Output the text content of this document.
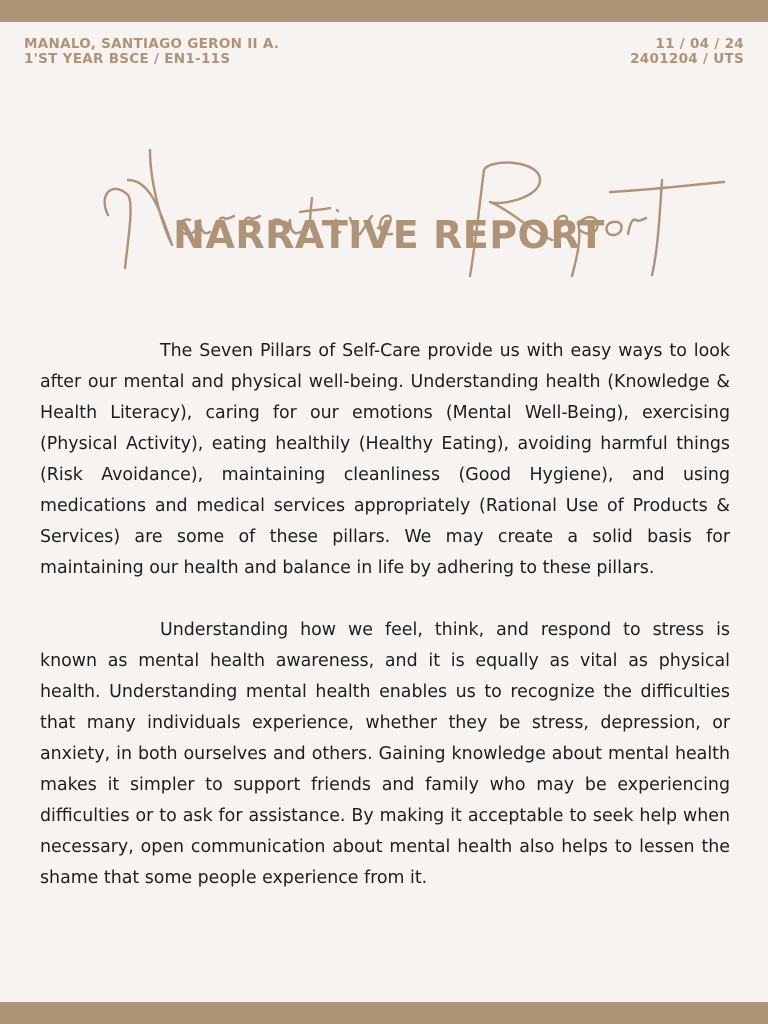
MANALO, SANTIAGO GERON II A.
1'ST YEAR BSCE / EN1-11S
11 / 04 / 24
2401204 / UTS
NARRATIVE REPORT

The Seven Pillars of Self-Care provide us with easy ways to look after our mental and physical well-being. Understanding health (Knowledge & Health Literacy), caring for our emotions (Mental Well-Being), exercising (Physical Activity), eating healthily (Healthy Eating), avoiding harmful things (Risk Avoidance), maintaining cleanliness (Good Hygiene), and using medications and medical services appropriately (Rational Use of Products & Services) are some of these pillars. We may create a solid basis for maintaining our health and balance in life by adhering to these pillars.

Understanding how we feel, think, and respond to stress is known as mental health awareness, and it is equally as vital as physical health. Understanding mental health enables us to recognize the difficulties that many individuals experience, whether they be stress, depression, or anxiety, in both ourselves and others. Gaining knowledge about mental health makes it simpler to support friends and family who may be experiencing difficulties or to ask for assistance. By making it acceptable to seek help when necessary, open communication about mental health also helps to lessen the shame that some people experience from it.
